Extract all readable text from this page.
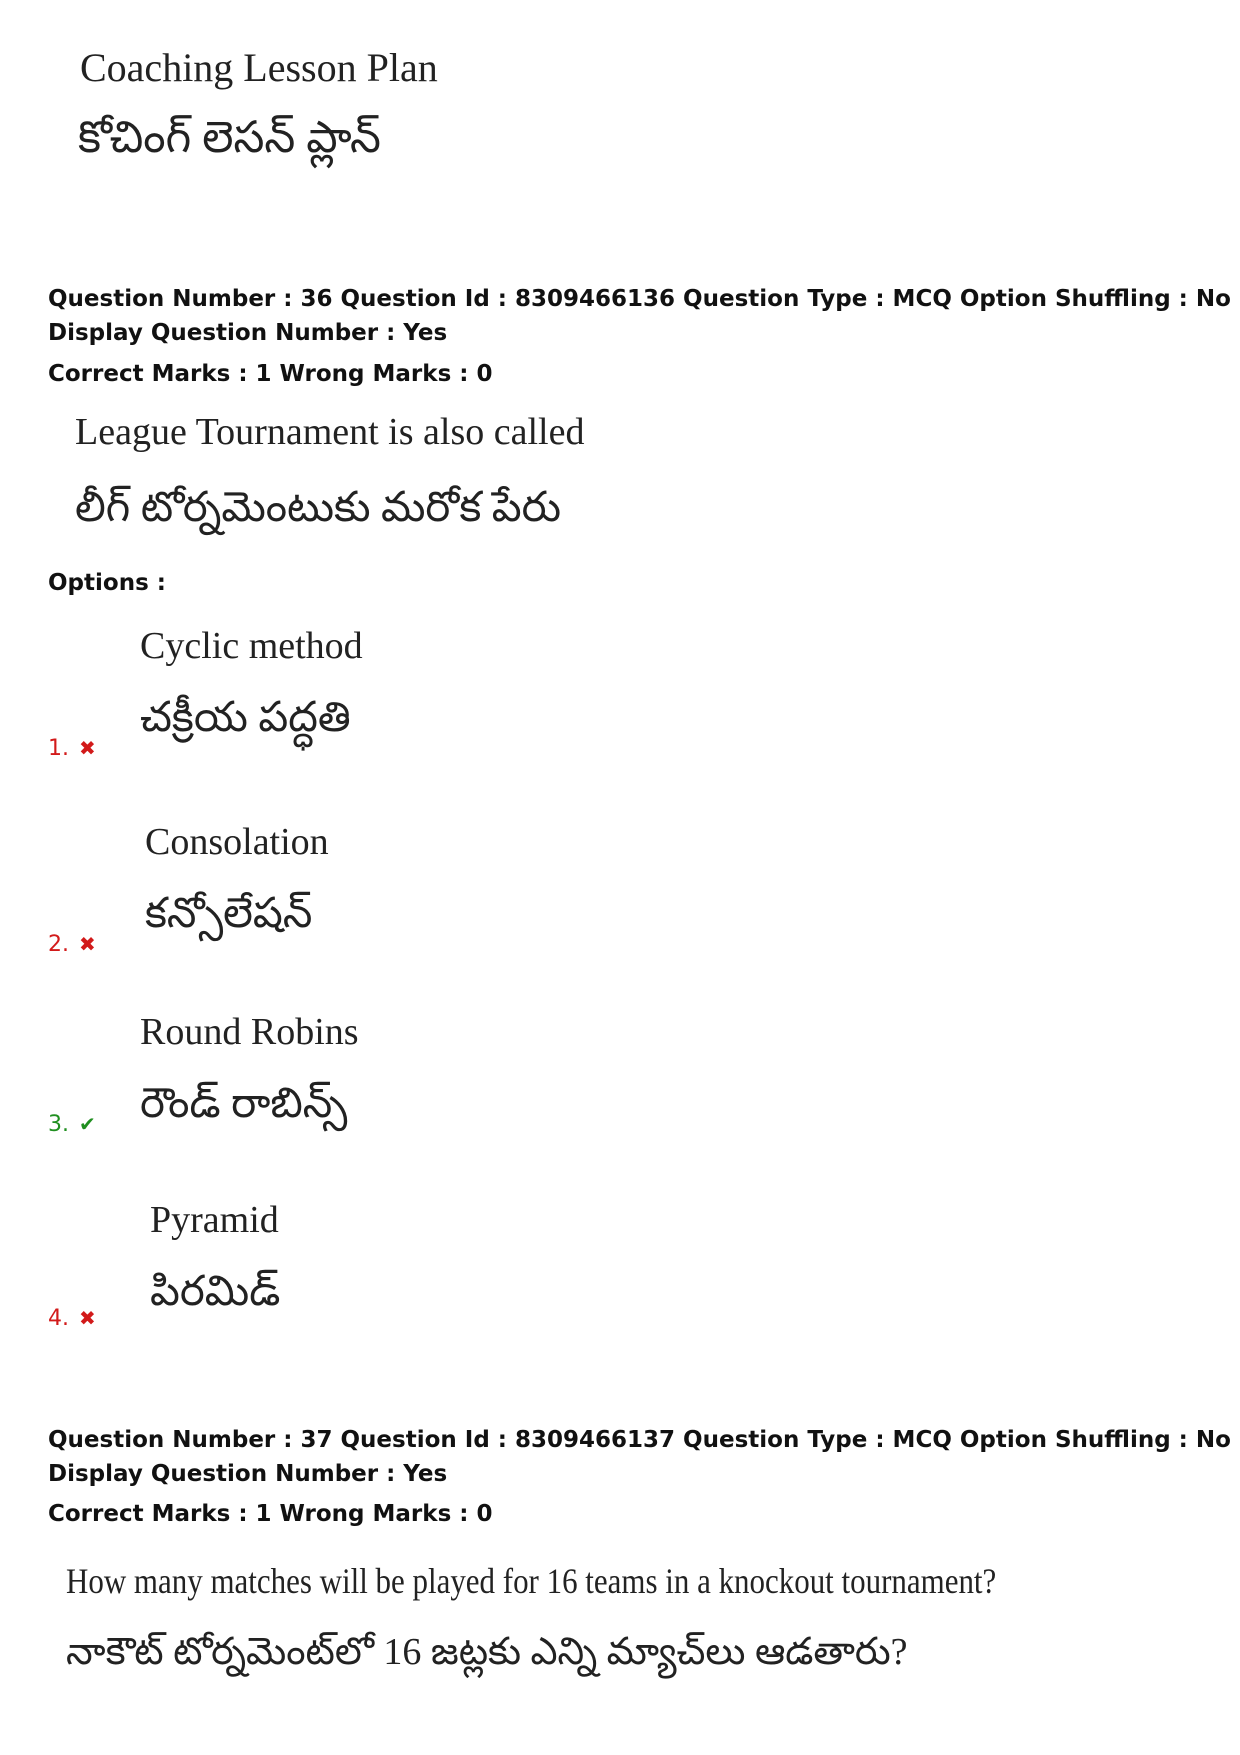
Coaching Lesson Plan
కోచింగ్ లెసన్ ప్లాన్
Question Number : 36 Question Id : 8309466136 Question Type : MCQ Option Shuffling : No
Display Question Number : Yes
Correct Marks : 1 Wrong Marks : 0
League Tournament is also called
లీగ్ టోర్నమెంటుకు మరోక పేరు
Options :
Cyclic method
చక్రీయ పద్ధతి
1. ✖
Consolation
కన్సోలేషన్
2. ✖
Round Robins
రౌండ్ రాబిన్స్
3. ✔
Pyramid
పిరమిడ్
4. ✖
Question Number : 37 Question Id : 8309466137 Question Type : MCQ Option Shuffling : No
Display Question Number : Yes
Correct Marks : 1 Wrong Marks : 0
How many matches will be played for 16 teams in a knockout tournament?
నాకౌట్ టోర్నమెంట్‌లో 16 జట్లకు ఎన్ని మ్యాచ్‌లు ఆడతారు?
